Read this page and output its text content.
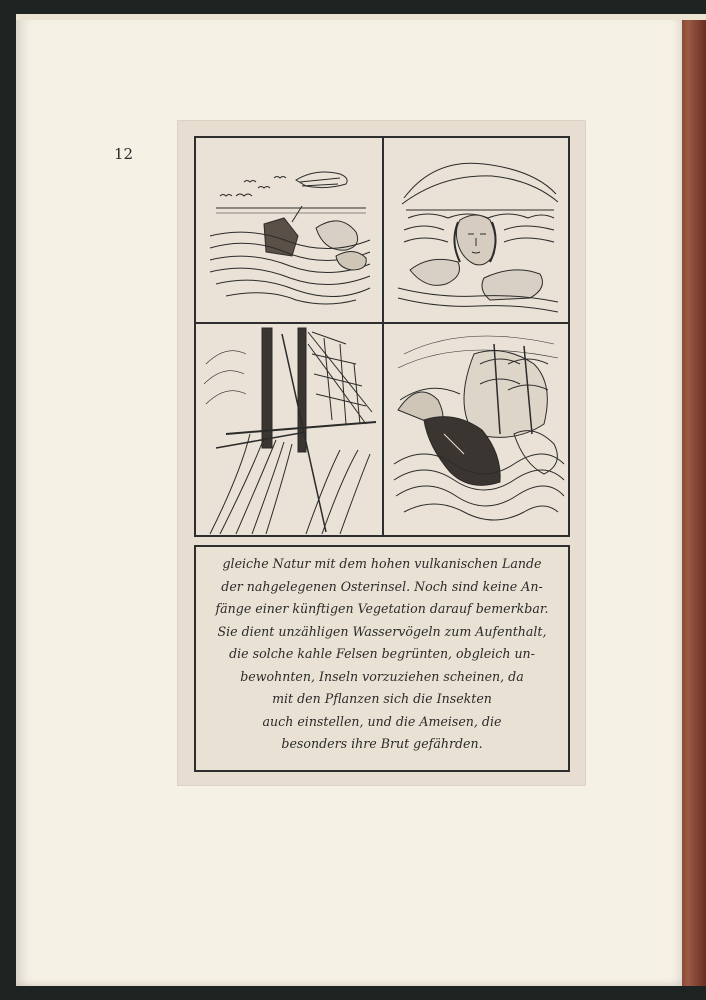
12
gleiche Natur mit dem hohen vulkanischen Lande
der nahgelegenen Osterinsel. Noch sind keine An-
fänge einer künftigen Vegetation darauf bemerkbar.
Sie dient unzähligen Wasservögeln zum Aufenthalt,
die solche kahle Felsen begrünten, obgleich un-
bewohnten, Inseln vorzuziehen scheinen, da
mit den Pflanzen sich die Insekten
auch einstellen, und die Ameisen, die
besonders ihre Brut gefährden.
